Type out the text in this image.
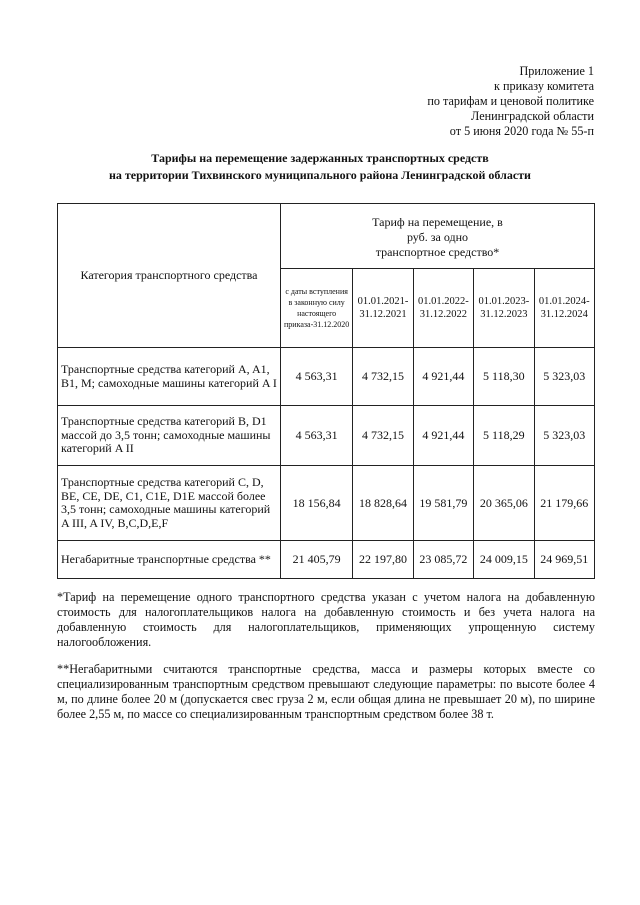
Приложение 1
к приказу комитета
по тарифам и ценовой политике
Ленинградской области
от 5 июня 2020 года № 55-п
Тарифы на перемещение задержанных транспортных средств
на территории Тихвинского муниципального района Ленинградской области
Категория транспортного средства	Тариф на перемещение, в руб. за одно транспортное средство*				
	с даты вступления в законную силу настоящего приказа-31.12.2020	01.01.2021-31.12.2021	01.01.2022-31.12.2022	01.01.2023-31.12.2023	01.01.2024-31.12.2024
Транспортные средства категорий A, A1, B1, M; самоходные машины категорий A I	4 563,31	4 732,15	4 921,44	5 118,30	5 323,03
Транспортные средства категорий B, D1 массой до 3,5 тонн; самоходные машины категорий A II	4 563,31	4 732,15	4 921,44	5 118,29	5 323,03
Транспортные средства категорий C, D, BE, CE, DE, C1, C1E, D1E массой более 3,5 тонн; самоходные машины категорий A III, A IV, B,C,D,E,F	18 156,84	18 828,64	19 581,79	20 365,06	21 179,66
Негабаритные транспортные средства **	21 405,79	22 197,80	23 085,72	24 009,15	24 969,51
*Тариф на перемещение одного транспортного средства указан с учетом налога на добавленную стоимость для налогоплательщиков налога на добавленную стоимость и без учета налога на добавленную стоимость для налогоплательщиков, применяющих упрощенную систему налогообложения.
**Негабаритными считаются транспортные средства, масса и размеры которых вместе со специализированным транспортным средством превышают следующие параметры: по высоте более 4 м, по длине более 20 м (допускается свес груза 2 м, если общая длина не превышает 20 м), по ширине более 2,55 м, по массе со специализированным транспортным средством более 38 т.
